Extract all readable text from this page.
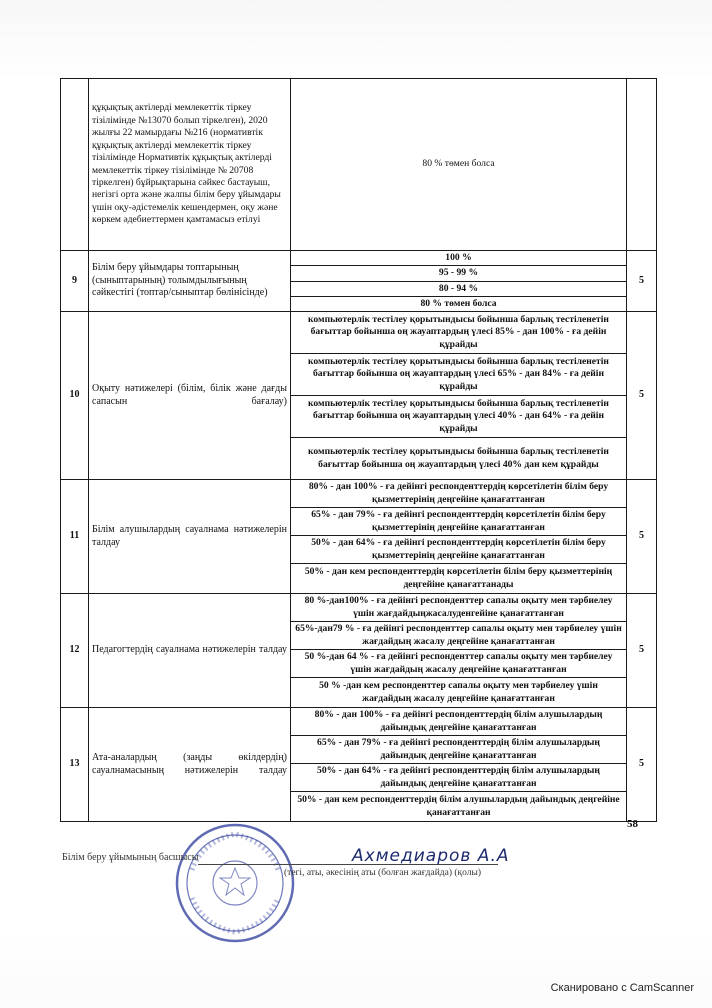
	құқықтық актілерді мемлекеттік тіркеу тізілімінде №13070 болып тіркелген), 2020 жылғы 22 мамырдағы №216 (нормативтік құқықтық актілерді мемлекеттік тіркеу тізілімінде Нормативтік құқықтық актілерді мемлекеттік тіркеу тізілімінде № 20708 тіркелген) бұйрықтарына сәйкес бастауыш, негізгі орта және жалпы білім беру ұйымдары үшін оқу-әдістемелік кешендермен, оқу және көркем әдебиеттермен қамтамасыз етілуі	80 % төмен болса	
9	Білім беру ұйымдары топтарының (сыныптарының) толымдылығының сәйкестігі (топтар/сыныптар бөлінісінде)	100 %	5
		95 - 99 %	
		80 - 94 %	
		80 % төмен болса	
10	Оқыту нәтижелері (білім, білік және дағды сапасын бағалау)	компьютерлік тестілеу қорытындысы бойынша барлық тестіленетін бағыттар бойынша оң жауаптардың үлесі 85% - дан 100% - ға дейін құрайды	5
		компьютерлік тестілеу қорытындысы бойынша барлық тестіленетін бағыттар бойынша оң жауаптардың үлесі 65% - дан 84% - ға дейін құрайды	
		компьютерлік тестілеу қорытындысы бойынша барлық тестіленетін бағыттар бойынша оң жауаптардың үлесі 40% - дан 64% - ға дейін құрайды	
		компьютерлік тестілеу қорытындысы бойынша барлық тестіленетін бағыттар бойынша оң жауаптардың үлесі 40% дан кем құрайды	
11	Білім алушылардың сауалнама нәтижелерін талдау	80% - дан 100% - ға дейінгі респонденттердің көрсетілетін білім беру қызметтерінің деңгейіне қанағаттанған	5
		65% - дан 79% - ға дейінгі респонденттердің көрсетілетін білім беру қызметтерінің деңгейіне қанағаттанған	
		50% - дан 64% - ға дейінгі респонденттердің көрсетілетін білім беру қызметтерінің деңгейіне қанағаттанған	
		50% - дан кем респонденттердің көрсетілетін білім беру қызметтерінің деңгейіне қанағаттанады	
12	Педагогтердің сауалнама нәтижелерін талдау	80 %-дан100% - ға дейінгі респонденттер сапалы оқыту мен тәрбиелеу үшін жағдайдыңжасалуденгейіне қанағаттанған	5
		65%-дан79 % - ға дейінгі респонденттер сапалы оқыту мен тәрбиелеу үшін жағдайдың жасалу деңгейіне қанағаттанған	
		50 %-дан 64 % - ға дейінгі респонденттер сапалы оқыту мен тәрбиелеу үшін жағдайдың жасалу деңгейіне қанағаттанған	
		50 % -дан кем респонденттер сапалы оқыту мен тәрбиелеу үшін жағдайдың жасалу деңгейіне қанағаттанған	
13	Ата-аналардың (заңды өкілдердің) сауалнамасының нәтижелерін талдау	80% - дан 100% - ға дейінгі респонденттердің білім алушылардың дайындық деңгейіне қанағаттанған	5
		65% - дан 79% - ға дейінгі респонденттердің білім алушылардың дайындық деңгейіне қанағаттанған	
		50% - дан 64% - ға дейінгі респонденттердің білім алушылардың дайындық деңгейіне қанағаттанған	
		50% - дан кем респонденттердің білім алушылардың дайындық деңгейіне қанағаттанған	
58
Білім беру ұйымының басшысы	Ахмедиаров А.А
(тегі, аты, әкесінің аты (болған жағдайда) (қолы)
Сканировано с CamScanner
